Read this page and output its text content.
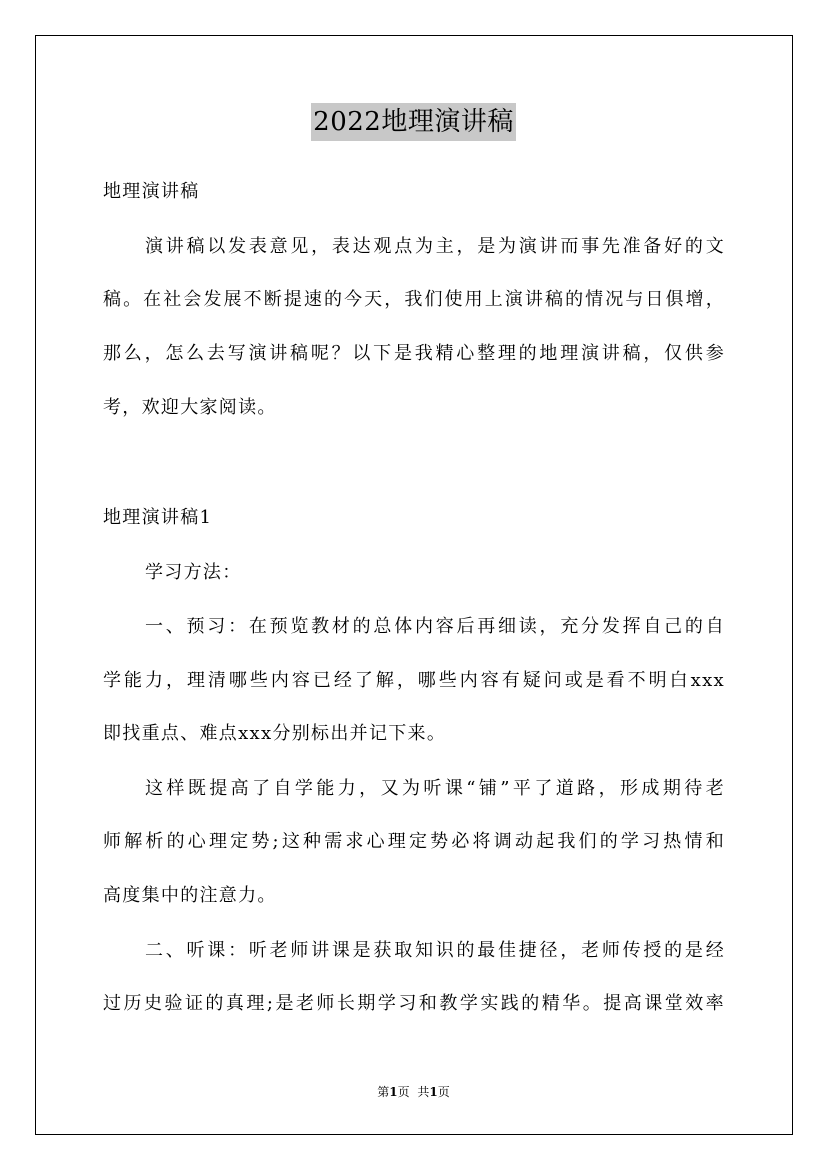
2022地理演讲稿
地理演讲稿
演讲稿以发表意见，表达观点为主，是为演讲而事先准备好的文
稿。在社会发展不断提速的今天，我们使用上演讲稿的情况与日俱增，
那么，怎么去写演讲稿呢？以下是我精心整理的地理演讲稿，仅供参
考，欢迎大家阅读。
地理演讲稿1
学习方法：
一、预习：在预览教材的总体内容后再细读，充分发挥自己的自
学能力，理清哪些内容已经了解，哪些内容有疑问或是看不明白xxx
即找重点、难点xxx分别标出并记下来。
这样既提高了自学能力，又为听课“铺”平了道路，形成期待老
师解析的心理定势;这种需求心理定势必将调动起我们的学习热情和
高度集中的注意力。
二、听课：听老师讲课是获取知识的最佳捷径，老师传授的是经
过历史验证的真理;是老师长期学习和教学实践的精华。提高课堂效率
第1页 共1页
